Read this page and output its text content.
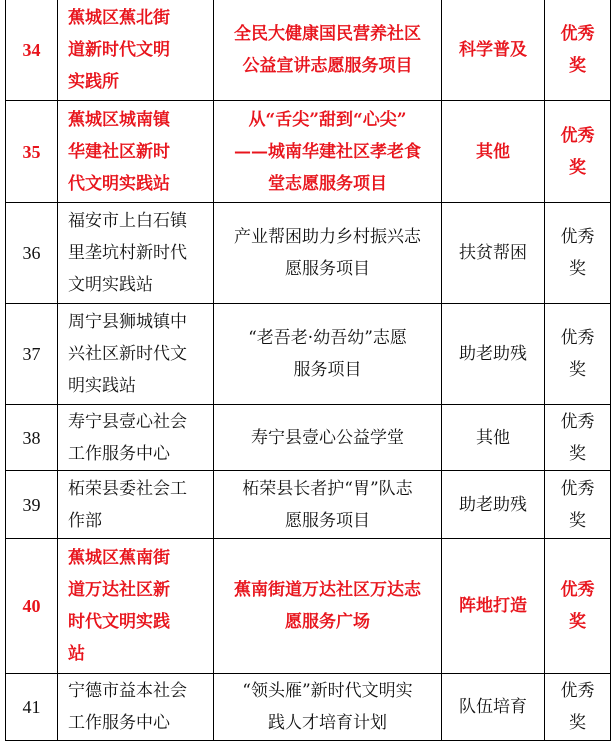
34	蕉城区蕉北街
道新时代文明
实践所	全民大健康国民营养社区
公益宣讲志愿服务项目	科学普及	优秀
奖

35	蕉城区城南镇
华建社区新时
代文明实践站	从“舌尖”甜到“心尖”
——城南华建社区孝老食
堂志愿服务项目	其他	优秀
奖

36	福安市上白石镇
里垄坑村新时代
文明实践站	产业帮困助力乡村振兴志
愿服务项目	扶贫帮困	优秀
奖

37	周宁县狮城镇中
兴社区新时代文
明实践站	“老吾老·幼吾幼”志愿
服务项目	助老助残	优秀
奖

38	寿宁县壹心社会
工作服务中心	寿宁县壹心公益学堂	其他	优秀
奖

39	柘荣县委社会工
作部	柘荣县长者护“胃”队志
愿服务项目	助老助残	优秀
奖

40	蕉城区蕉南街
道万达社区新
时代文明实践
站	蕉南街道万达社区万达志
愿服务广场	阵地打造	优秀
奖

41	宁德市益本社会
工作服务中心	“领头雁”新时代文明实
践人才培育计划	队伍培育	优秀
奖
